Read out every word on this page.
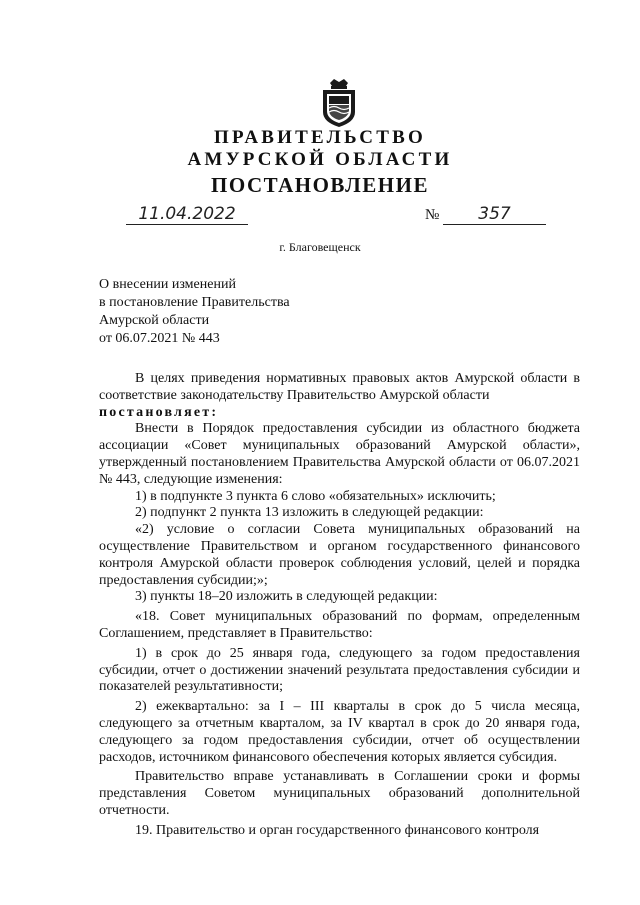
ПРАВИТЕЛЬСТВО
АМУРСКОЙ ОБЛАСТИ
ПОСТАНОВЛЕНИЕ
11.04.2022	№	357
г. Благовещенск
О внесении изменений
в постановление Правительства
Амурской области
от 06.07.2021 № 443

В целях приведения нормативных правовых актов Амурской области в соответствие законодательству Правительство Амурской области

постановляет:

Внести в Порядок предоставления субсидии из областного бюджета ассоциации «Совет муниципальных образований Амурской области», утвержденный постановлением Правительства Амурской области от 06.07.2021 № 443, следующие изменения:

1) в подпункте 3 пункта 6 слово «обязательных» исключить;

2) подпункт 2 пункта 13 изложить в следующей редакции:

«2) условие о согласии Совета муниципальных образований на осуществление Правительством и органом государственного финансового контроля Амурской области проверок соблюдения условий, целей и порядка предоставления субсидии;»;

3) пункты 18–20 изложить в следующей редакции:

«18. Совет муниципальных образований по формам, определенным Соглашением, представляет в Правительство:

1) в срок до 25 января года, следующего за годом предоставления субсидии, отчет о достижении значений результата предоставления субсидии и показателей результативности;

2) ежеквартально: за I – III кварталы в срок до 5 числа месяца, следующего за отчетным кварталом, за IV квартал в срок до 20 января года, следующего за годом предоставления субсидии, отчет об осуществлении расходов, источником финансового обеспечения которых является субсидия.

Правительство вправе устанавливать в Соглашении сроки и формы представления Советом муниципальных образований дополнительной отчетности.

19. Правительство и орган государственного финансового контроля
